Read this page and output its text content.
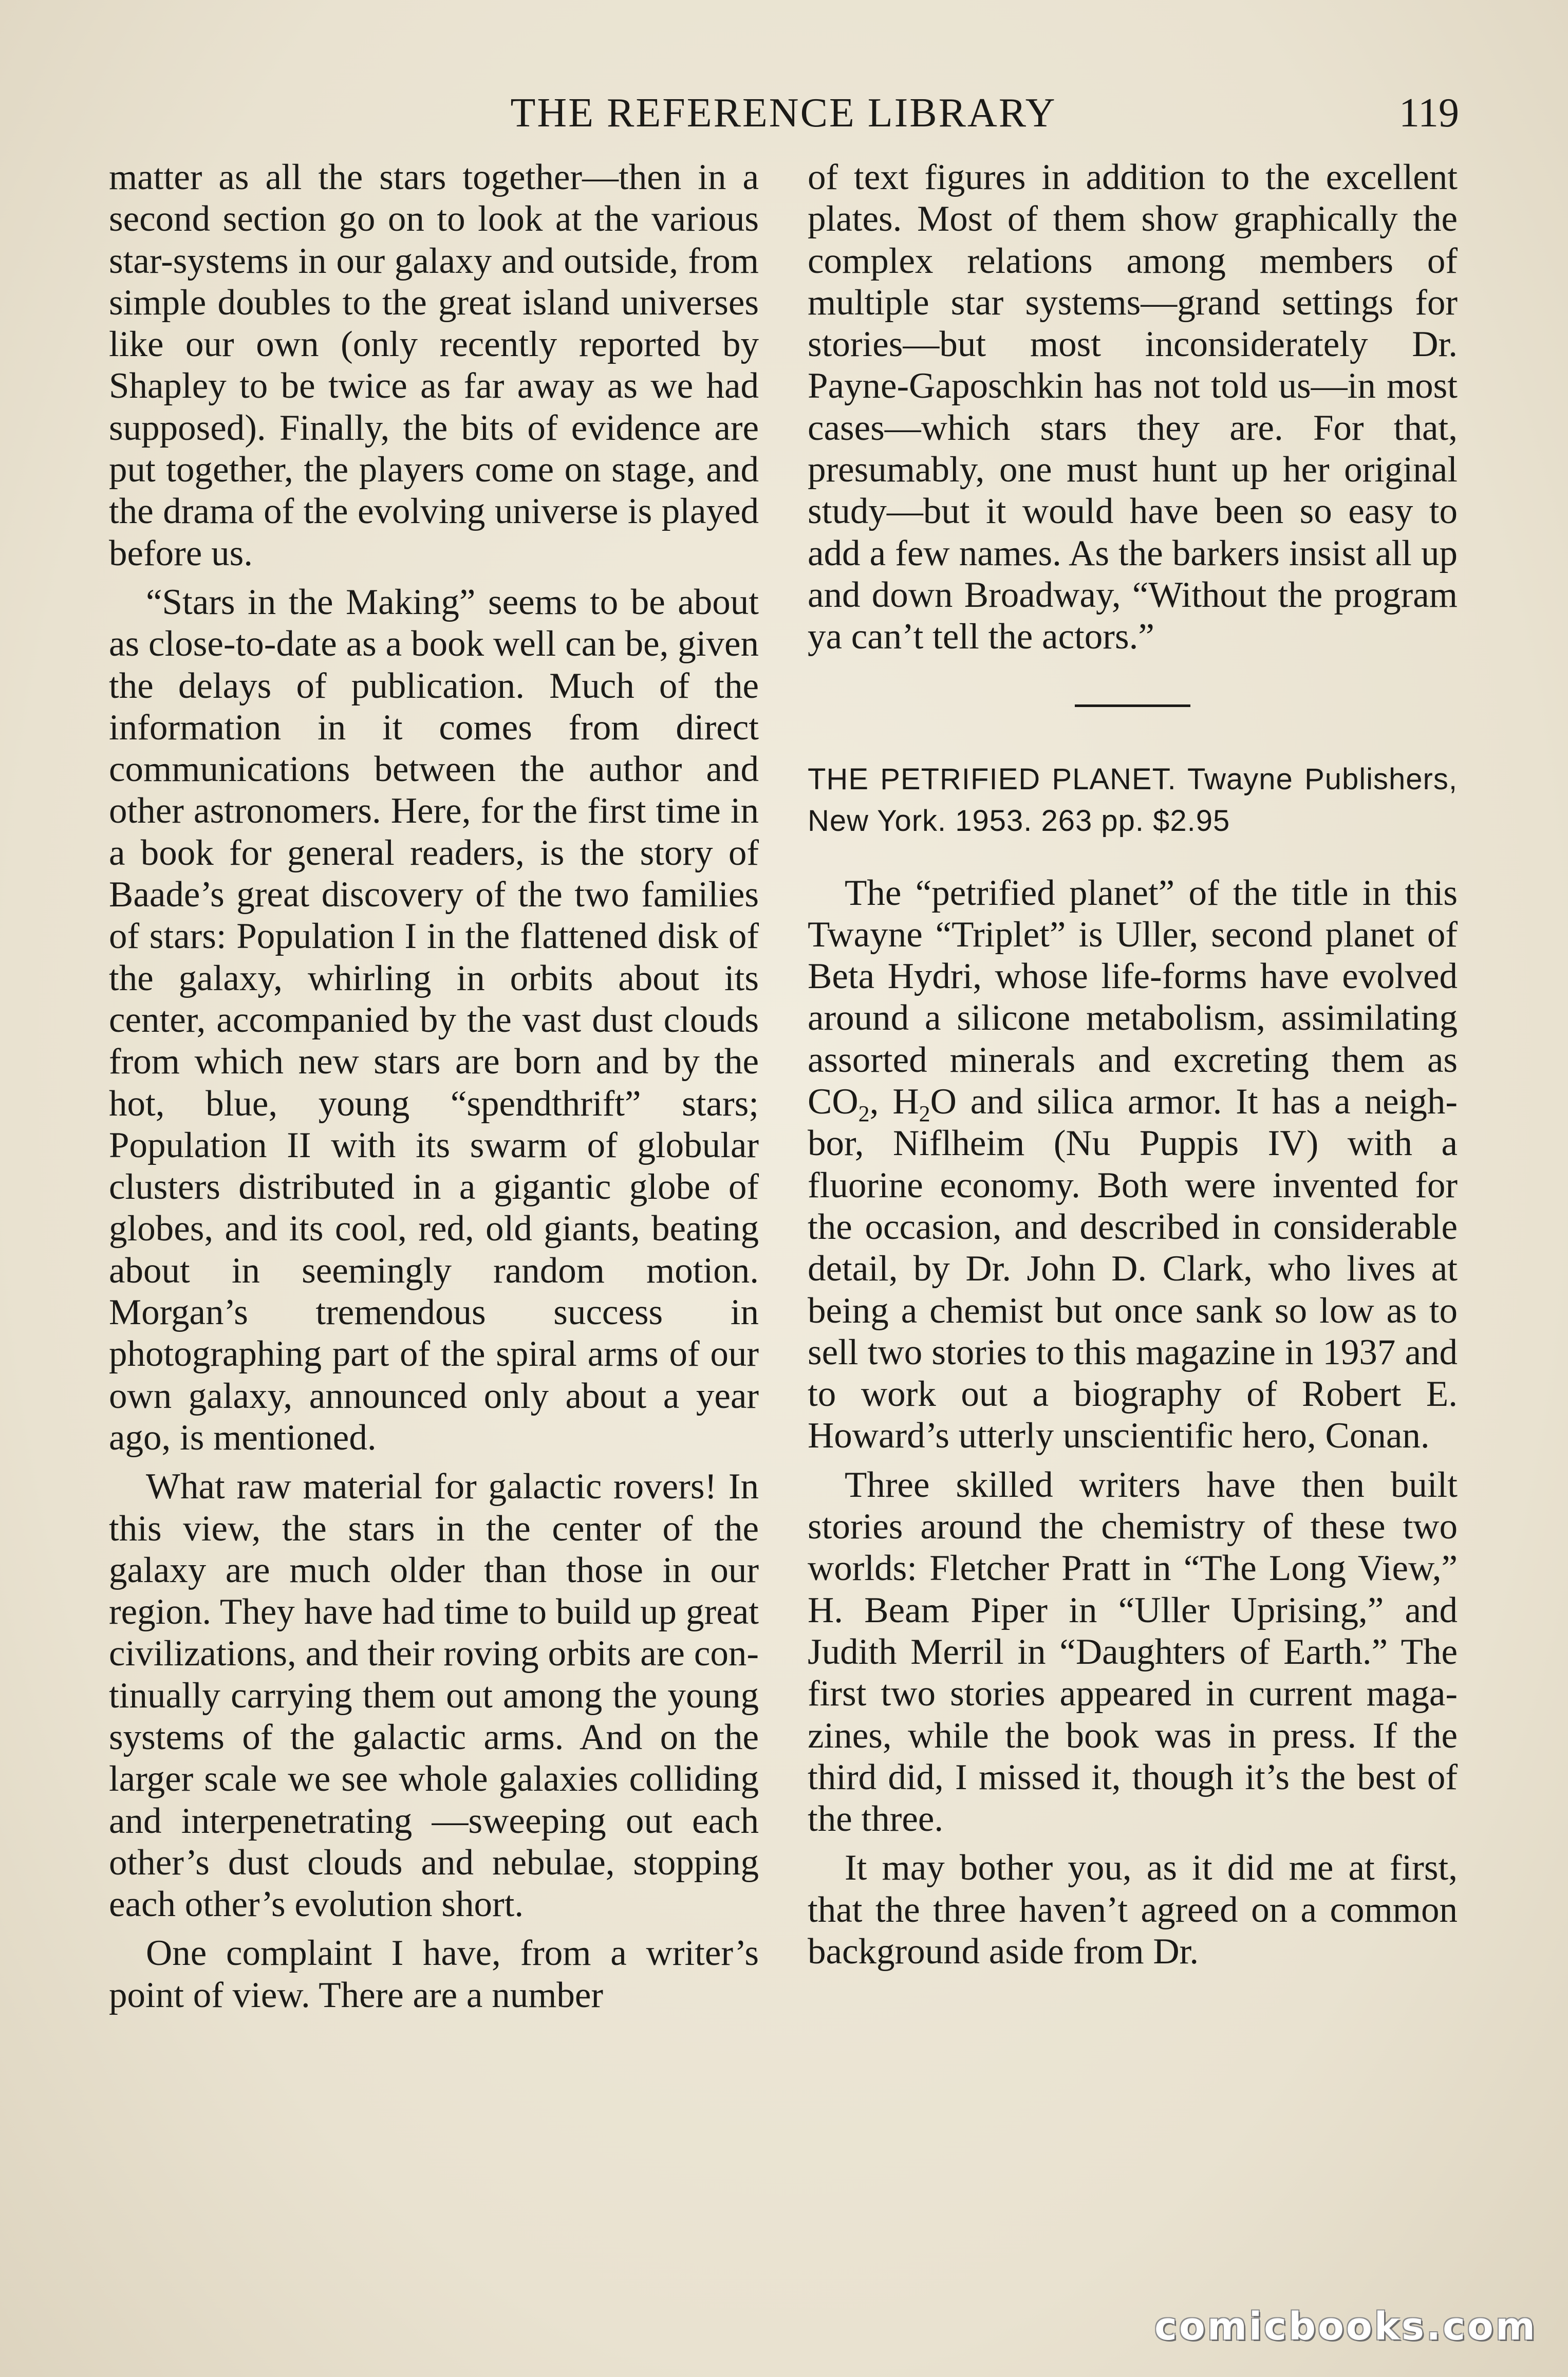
THE REFERENCE LIBRARY	119

matter as all the stars together—then in a second section go on to look at the various star-systems in our galaxy and outside, from simple doubles to the great island universes like our own (only recently reported by Shapley to be twice as far away as we had supposed). Finally, the bits of evidence are put together, the players come on stage, and the drama of the evolving universe is played before us.

“Stars in the Making” seems to be about as close-to-date as a book well can be, given the delays of publication. Much of the information in it comes from direct communications between the author and other astronomers. Here, for the first time in a book for general readers, is the story of Baade’s great discovery of the two families of stars: Population I in the flattened disk of the galaxy, whirling in orbits about its center, accompanied by the vast dust clouds from which new stars are born and by the hot, blue, young “spendthrift” stars; Population II with its swarm of globular clusters distributed in a gigantic globe of globes, and its cool, red, old giants, beating about in seemingly random motion. Morgan’s tremendous success in photographing part of the spiral arms of our own galaxy, announced only about a year ago, is mentioned.

What raw material for galactic rovers! In this view, the stars in the center of the galaxy are much older than those in our region. They have had time to build up great civilizations, and their roving orbits are continually carrying them out among the young systems of the galactic arms. And on the larger scale we see whole galaxies colliding and interpenetrating —sweeping out each other’s dust clouds and nebulae, stopping each other’s evolution short.

One complaint I have, from a writer’s point of view. There are a number

of text figures in addition to the excellent plates. Most of them show graphically the complex relations among members of multiple star systems—grand settings for stories—but most inconsiderately Dr. Payne-Gaposchkin has not told us—in most cases—which stars they are. For that, presumably, one must hunt up her original study—but it would have been so easy to add a few names. As the barkers insist all up and down Broadway, “Without the program ya can’t tell the actors.”

THE PETRIFIED PLANET. Twayne Publishers, New York. 1953. 263 pp. $2.95

The “petrified planet” of the title in this Twayne “Triplet” is Uller, second planet of Beta Hydri, whose life-forms have evolved around a silicone metabolism, assimilating assorted minerals and excreting them as $CO_2$, $H_2O$ and silica armor. It has a neighbor, Niflheim (Nu Puppis IV) with a fluorine economy. Both were invented for the occasion, and described in considerable detail, by Dr. John D. Clark, who lives at being a chemist but once sank so low as to sell two stories to this magazine in 1937 and to work out a biography of Robert E. Howard’s utterly unscientific hero, Conan.

Three skilled writers have then built stories around the chemistry of these two worlds: Fletcher Pratt in “The Long View,” H. Beam Piper in “Uller Uprising,” and Judith Merril in “Daughters of Earth.” The first two stories appeared in current magazines, while the book was in press. If the third did, I missed it, though it’s the best of the three.

It may bother you, as it did me at first, that the three haven’t agreed on a common background aside from Dr.

comicbooks.com
